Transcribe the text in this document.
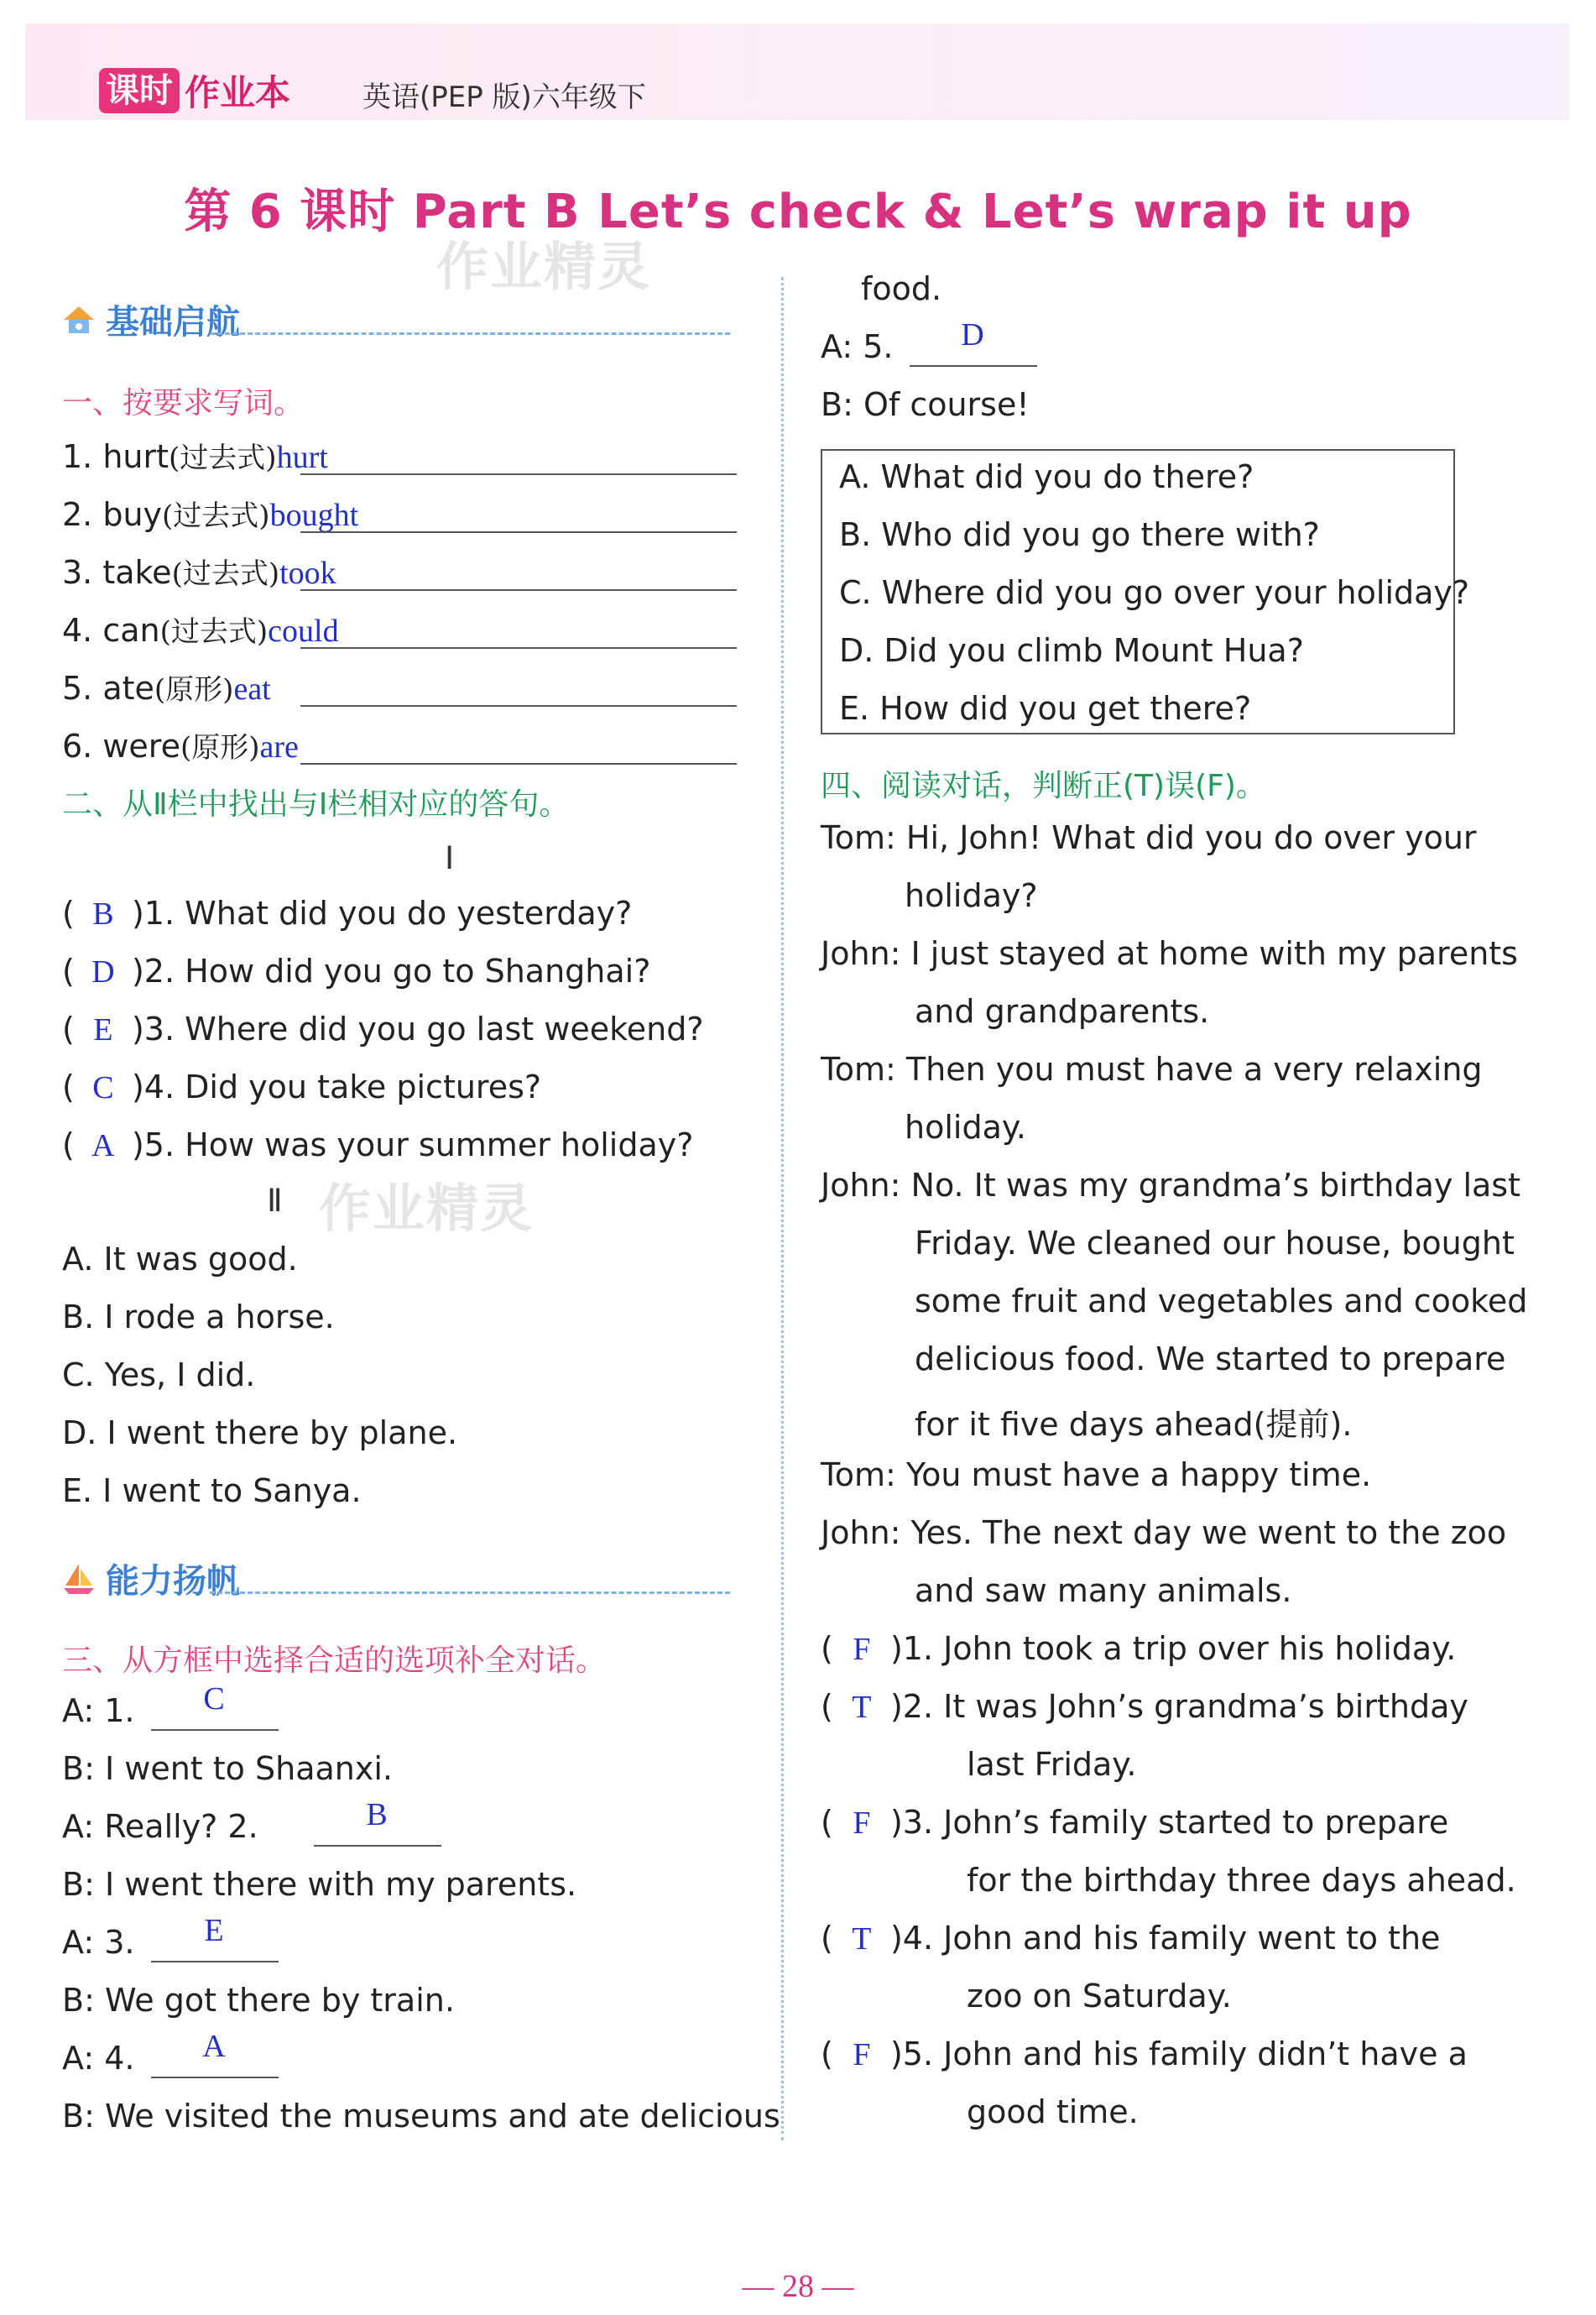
课时 作业本	英语(PEP 版)六年级下
第 6 课时 Part B Let’s check & Let’s wrap it up
作业精灵
作业精灵
基础启航
一、按要求写词。
二、从Ⅱ栏中找出与Ⅰ栏相对应的答句。
Ⅰ
Ⅱ
能力扬帆
三、从方框中选择合适的选项补全对话。
四、阅读对话，判断正(T)误(F)。
— 28 —
1. hurt(过去式)hurt
2. buy(过去式)bought
3. take(过去式)took
4. can(过去式)could
5. ate(原形)eat
6. were(原形)are
( B )1. What did you do yesterday?
( D )2. How did you go to Shanghai?
( E )3. Where did you go last weekend?
( C )4. Did you take pictures?
( A )5. How was your summer holiday?
A. It was good.
B. I rode a horse.
C. Yes, I did.
D. I went there by plane.
E. I went to Sanya.
A: 1.	C
B: I went to Shaanxi.
A: Really? 2.	B
B: I went there with my parents.
A: 3.	E
B: We got there by train.
A: 4.	A
B: We visited the museums and ate delicious
food.
A: 5.	D
B: Of course!
A. What did you do there?
B. Who did you go there with?
C. Where did you go over your holiday?
D. Did you climb Mount Hua?
E. How did you get there?
Tom: Hi, John! What did you do over your
holiday?
John: I just stayed at home with my parents
and grandparents.
Tom: Then you must have a very relaxing
holiday.
John: No. It was my grandma’s birthday last
Friday. We cleaned our house, bought
some fruit and vegetables and cooked
delicious food. We started to prepare
for it five days ahead(提前).
Tom: You must have a happy time.
John: Yes. The next day we went to the zoo
and saw many animals.
( F )1. John took a trip over his holiday.
( T )2. It was John’s grandma’s birthday
last Friday.
( F )3. John’s family started to prepare
for the birthday three days ahead.
( T )4. John and his family went to the
zoo on Saturday.
( F )5. John and his family didn’t have a
good time.
